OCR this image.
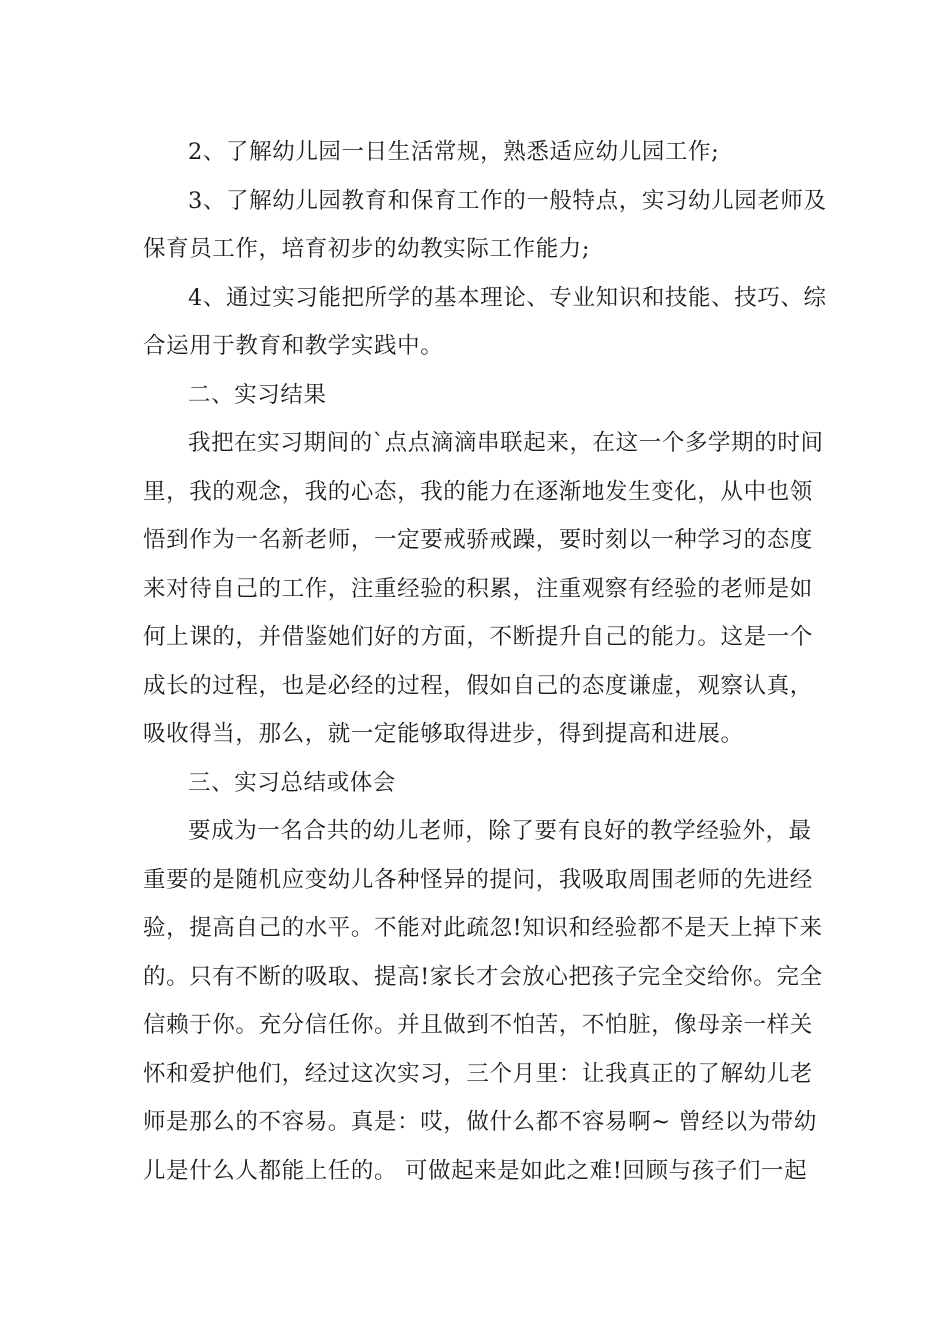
2、了解幼儿园一日生活常规，熟悉适应幼儿园工作;
3、了解幼儿园教育和保育工作的一般特点，实习幼儿园老师及
保育员工作，培育初步的幼教实际工作能力;
4、通过实习能把所学的基本理论、专业知识和技能、技巧、综
合运用于教育和教学实践中。
二、实习结果
我把在实习期间的`点点滴滴串联起来，在这一个多学期的时间
里，我的观念，我的心态，我的能力在逐渐地发生变化，从中也领
悟到作为一名新老师，一定要戒骄戒躁，要时刻以一种学习的态度
来对待自己的工作，注重经验的积累，注重观察有经验的老师是如
何上课的，并借鉴她们好的方面，不断提升自己的能力。这是一个
成长的过程，也是必经的过程，假如自己的态度谦虚，观察认真，
吸收得当，那么，就一定能够取得进步，得到提高和进展。
三、实习总结或体会
要成为一名合共的幼儿老师，除了要有良好的教学经验外，最
重要的是随机应变幼儿各种怪异的提问，我吸取周围老师的先进经
验，提高自己的水平。不能对此疏忽!知识和经验都不是天上掉下来
的。只有不断的吸取、提高!家长才会放心把孩子完全交给你。完全
信赖于你。充分信任你。并且做到不怕苦，不怕脏，像母亲一样关
怀和爱护他们，经过这次实习，三个月里：让我真正的了解幼儿老
师是那么的不容易。真是：哎，做什么都不容易啊~ 曾经以为带幼
儿是什么人都能上任的。 可做起来是如此之难!回顾与孩子们一起
